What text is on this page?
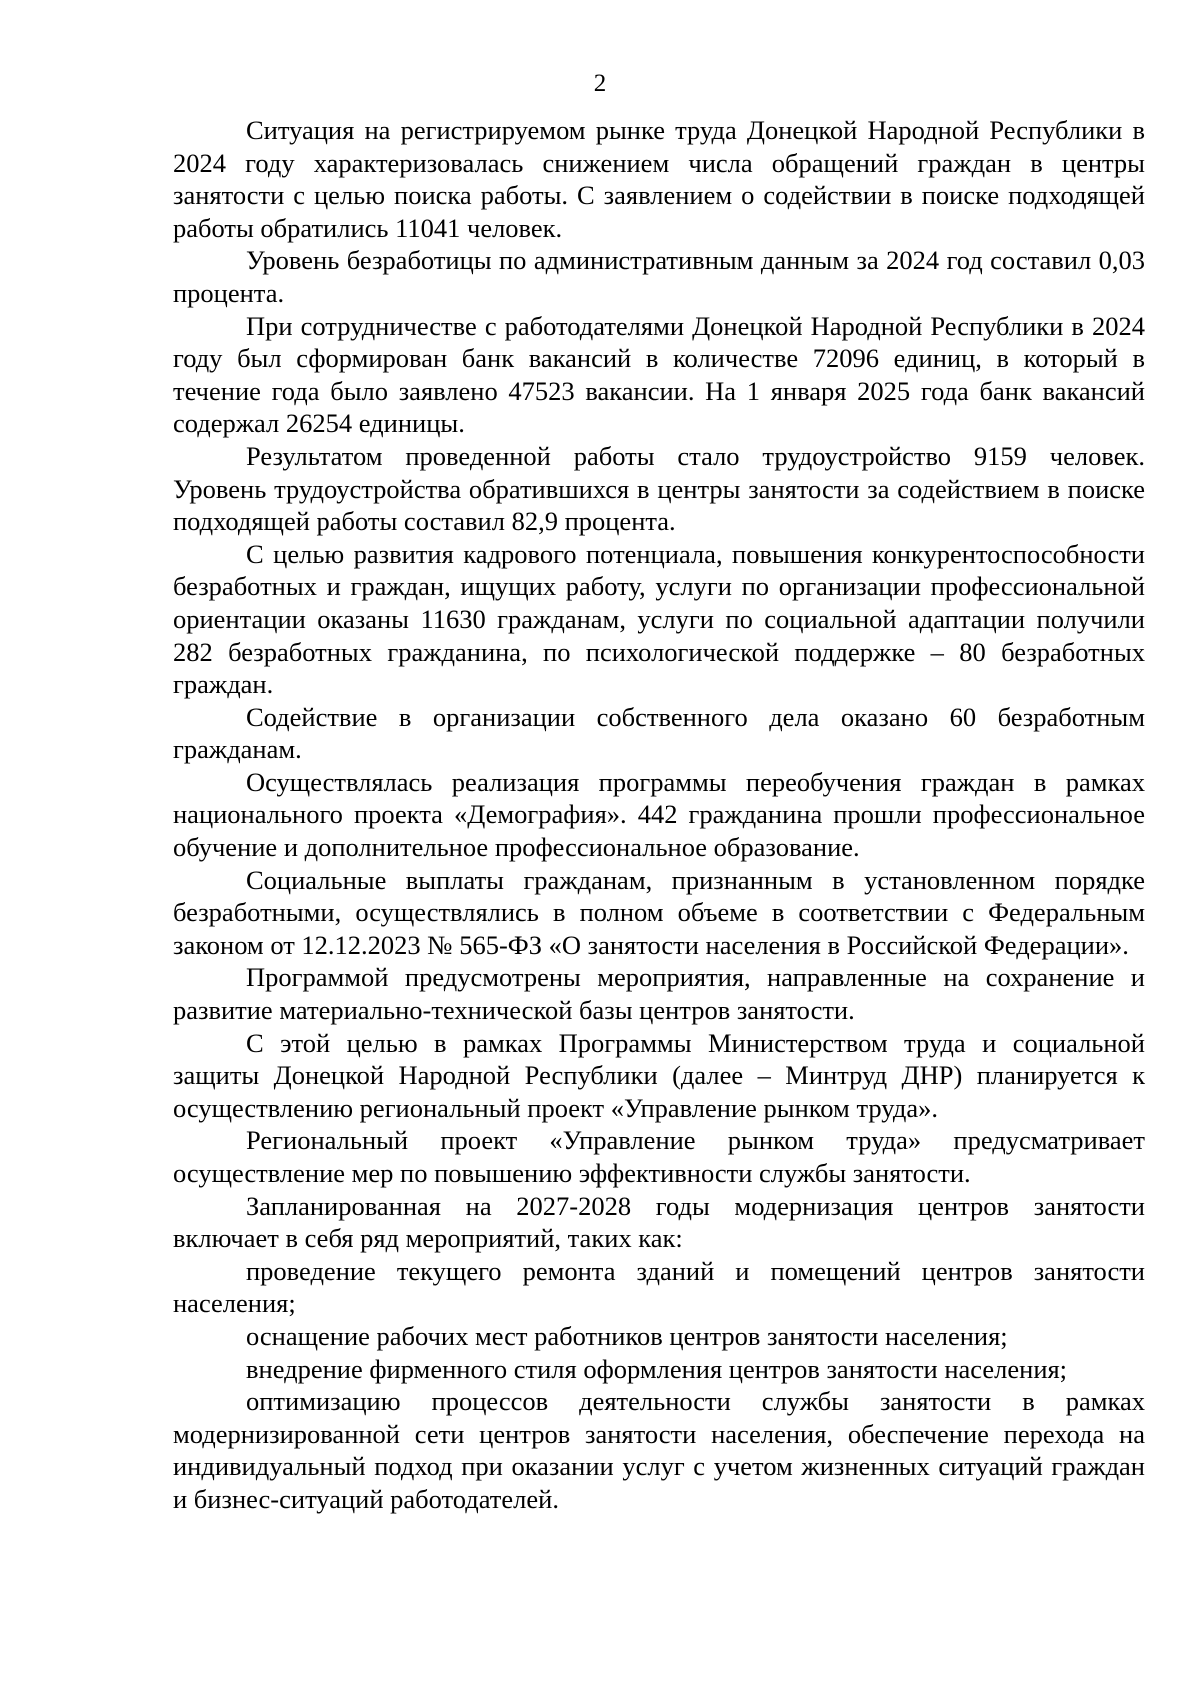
2

Ситуация на регистрируемом рынке труда Донецкой Народной Республики в 2024 году характеризовалась снижением числа обращений граждан в центры занятости с целью поиска работы. С заявлением о содействии в поиске подходящей работы обратились 11041 человек.

Уровень безработицы по административным данным за 2024 год составил 0,03 процента.

При сотрудничестве с работодателями Донецкой Народной Республики в 2024 году был сформирован банк вакансий в количестве 72096 единиц, в который в течение года было заявлено 47523 вакансии. На 1 января 2025 года банк вакансий содержал 26254 единицы.

Результатом проведенной работы стало трудоустройство 9159 человек. Уровень трудоустройства обратившихся в центры занятости за содействием в поиске подходящей работы составил 82,9 процента.

С целью развития кадрового потенциала, повышения конкурентоспособности безработных и граждан, ищущих работу, услуги по организации профессиональной ориентации оказаны 11630 гражданам, услуги по социальной адаптации получили 282 безработных гражданина, по психологической поддержке – 80 безработных граждан.

Содействие в организации собственного дела оказано 60 безработным гражданам.

Осуществлялась реализация программы переобучения граждан в рамках национального проекта «Демография». 442 гражданина прошли профессиональное обучение и дополнительное профессиональное образование.

Социальные выплаты гражданам, признанным в установленном порядке безработными, осуществлялись в полном объеме в соответствии с Федеральным законом от 12.12.2023 № 565-ФЗ «О занятости населения в Российской Федерации».

Программой предусмотрены мероприятия, направленные на сохранение и развитие материально-технической базы центров занятости.

С этой целью в рамках Программы Министерством труда и социальной защиты Донецкой Народной Республики (далее – Минтруд ДНР) планируется к осуществлению региональный проект «Управление рынком труда».

Региональный проект «Управление рынком труда» предусматривает осуществление мер по повышению эффективности службы занятости.

Запланированная на 2027-2028 годы модернизация центров занятости включает в себя ряд мероприятий, таких как:

проведение текущего ремонта зданий и помещений центров занятости населения;

оснащение рабочих мест работников центров занятости населения;

внедрение фирменного стиля оформления центров занятости населения;

оптимизацию процессов деятельности службы занятости в рамках модернизированной сети центров занятости населения, обеспечение перехода на индивидуальный подход при оказании услуг с учетом жизненных ситуаций граждан и бизнес-ситуаций работодателей.
